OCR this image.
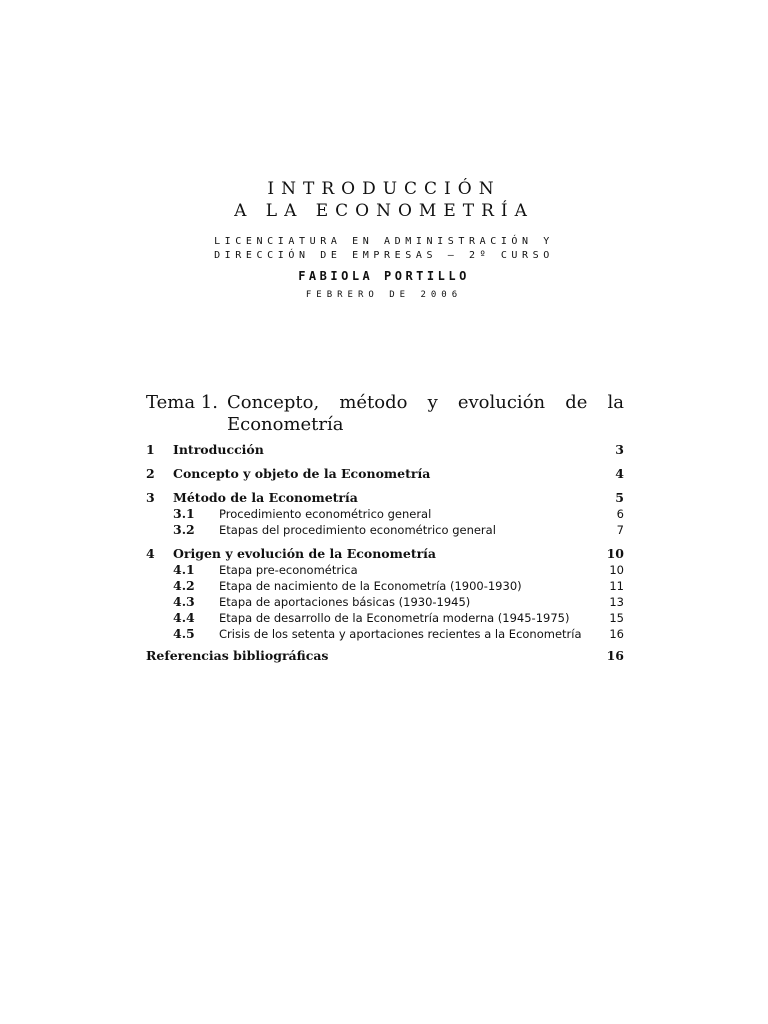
INTRODUCCIÓN

A LA ECONOMETRÍA

LICENCIATURA EN ADMINISTRACIÓN Y

DIRECCIÓN DE EMPRESAS – 2º CURSO

FABIOLA PORTILLO
FEBRERO DE 2006
Tema 1. Concepto, método y evolución de la Econometría
1	Introducción	3
2	Concepto y objeto de la Econometría	4
3	Método de la Econometría	5
3.1	Procedimiento econométrico general	6
3.2	Etapas del procedimiento econométrico general	7
4	Origen y evolución de la Econometría	10
4.1	Etapa pre-econométrica	10
4.2	Etapa de nacimiento de la Econometría (1900-1930)	11
4.3	Etapa de aportaciones básicas (1930-1945)	13
4.4	Etapa de desarrollo de la Econometría moderna (1945-1975)	15
4.5	Crisis de los setenta y aportaciones recientes a la Econometría	16
Referencias bibliográficas	16
